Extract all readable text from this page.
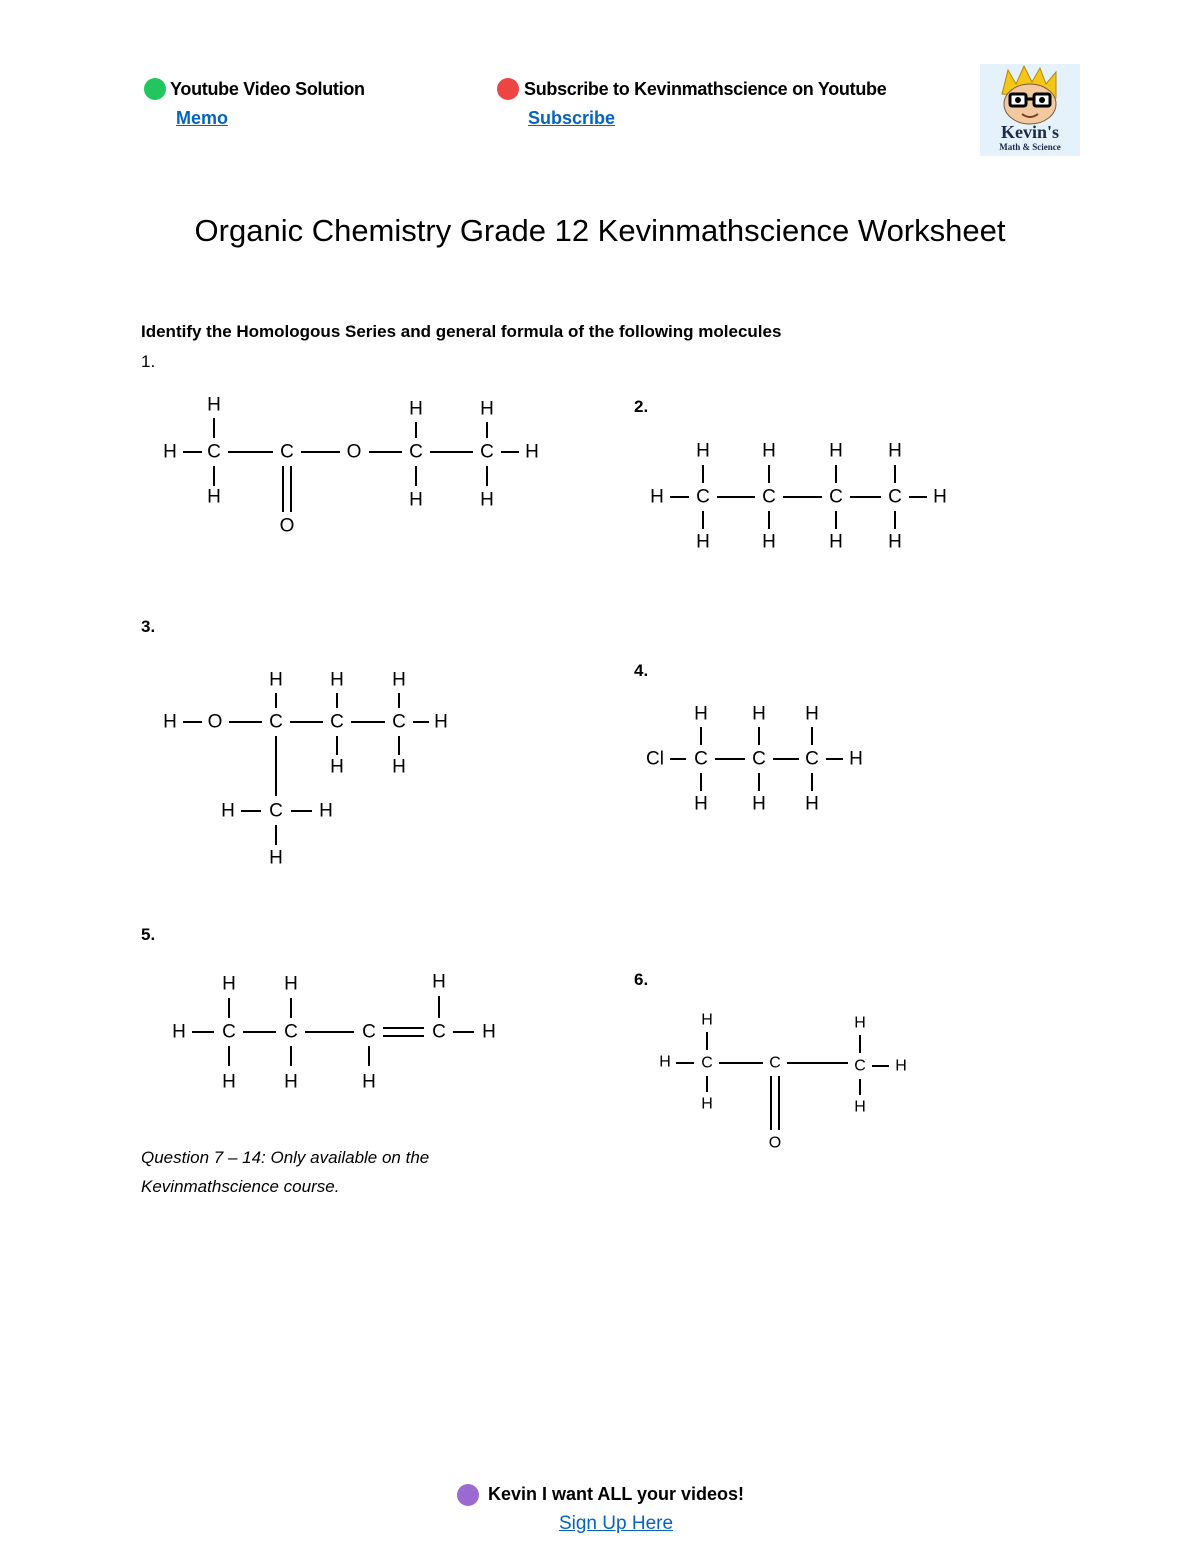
Youtube Video Solution
Memo
Subscribe to Kevinmathscience on Youtube
Subscribe
Kevin's
Math & Science
Organic Chemistry Grade 12 Kevinmathscience Worksheet
Identify the Homologous Series and general formula of the following molecules
1.
2.
3.
4.
5.
6.
H C
H
H
C
O
O	C
H
H
C
H
H
H
H C
H
H
C
H
H
C
H
H
C
H
H
H
H O C
H
C
H
H
C
H
H
H
H C H
H
Cl C
H
H
C
H
H
C
H
H
H
H C
H
H
C
H
H
C
H
C
H
H
H C
H
H
C
O
C
H
H
H
Question 7 – 14: Only available on the Kevinmathscience course.
Kevin I want ALL your videos!
Sign Up Here
